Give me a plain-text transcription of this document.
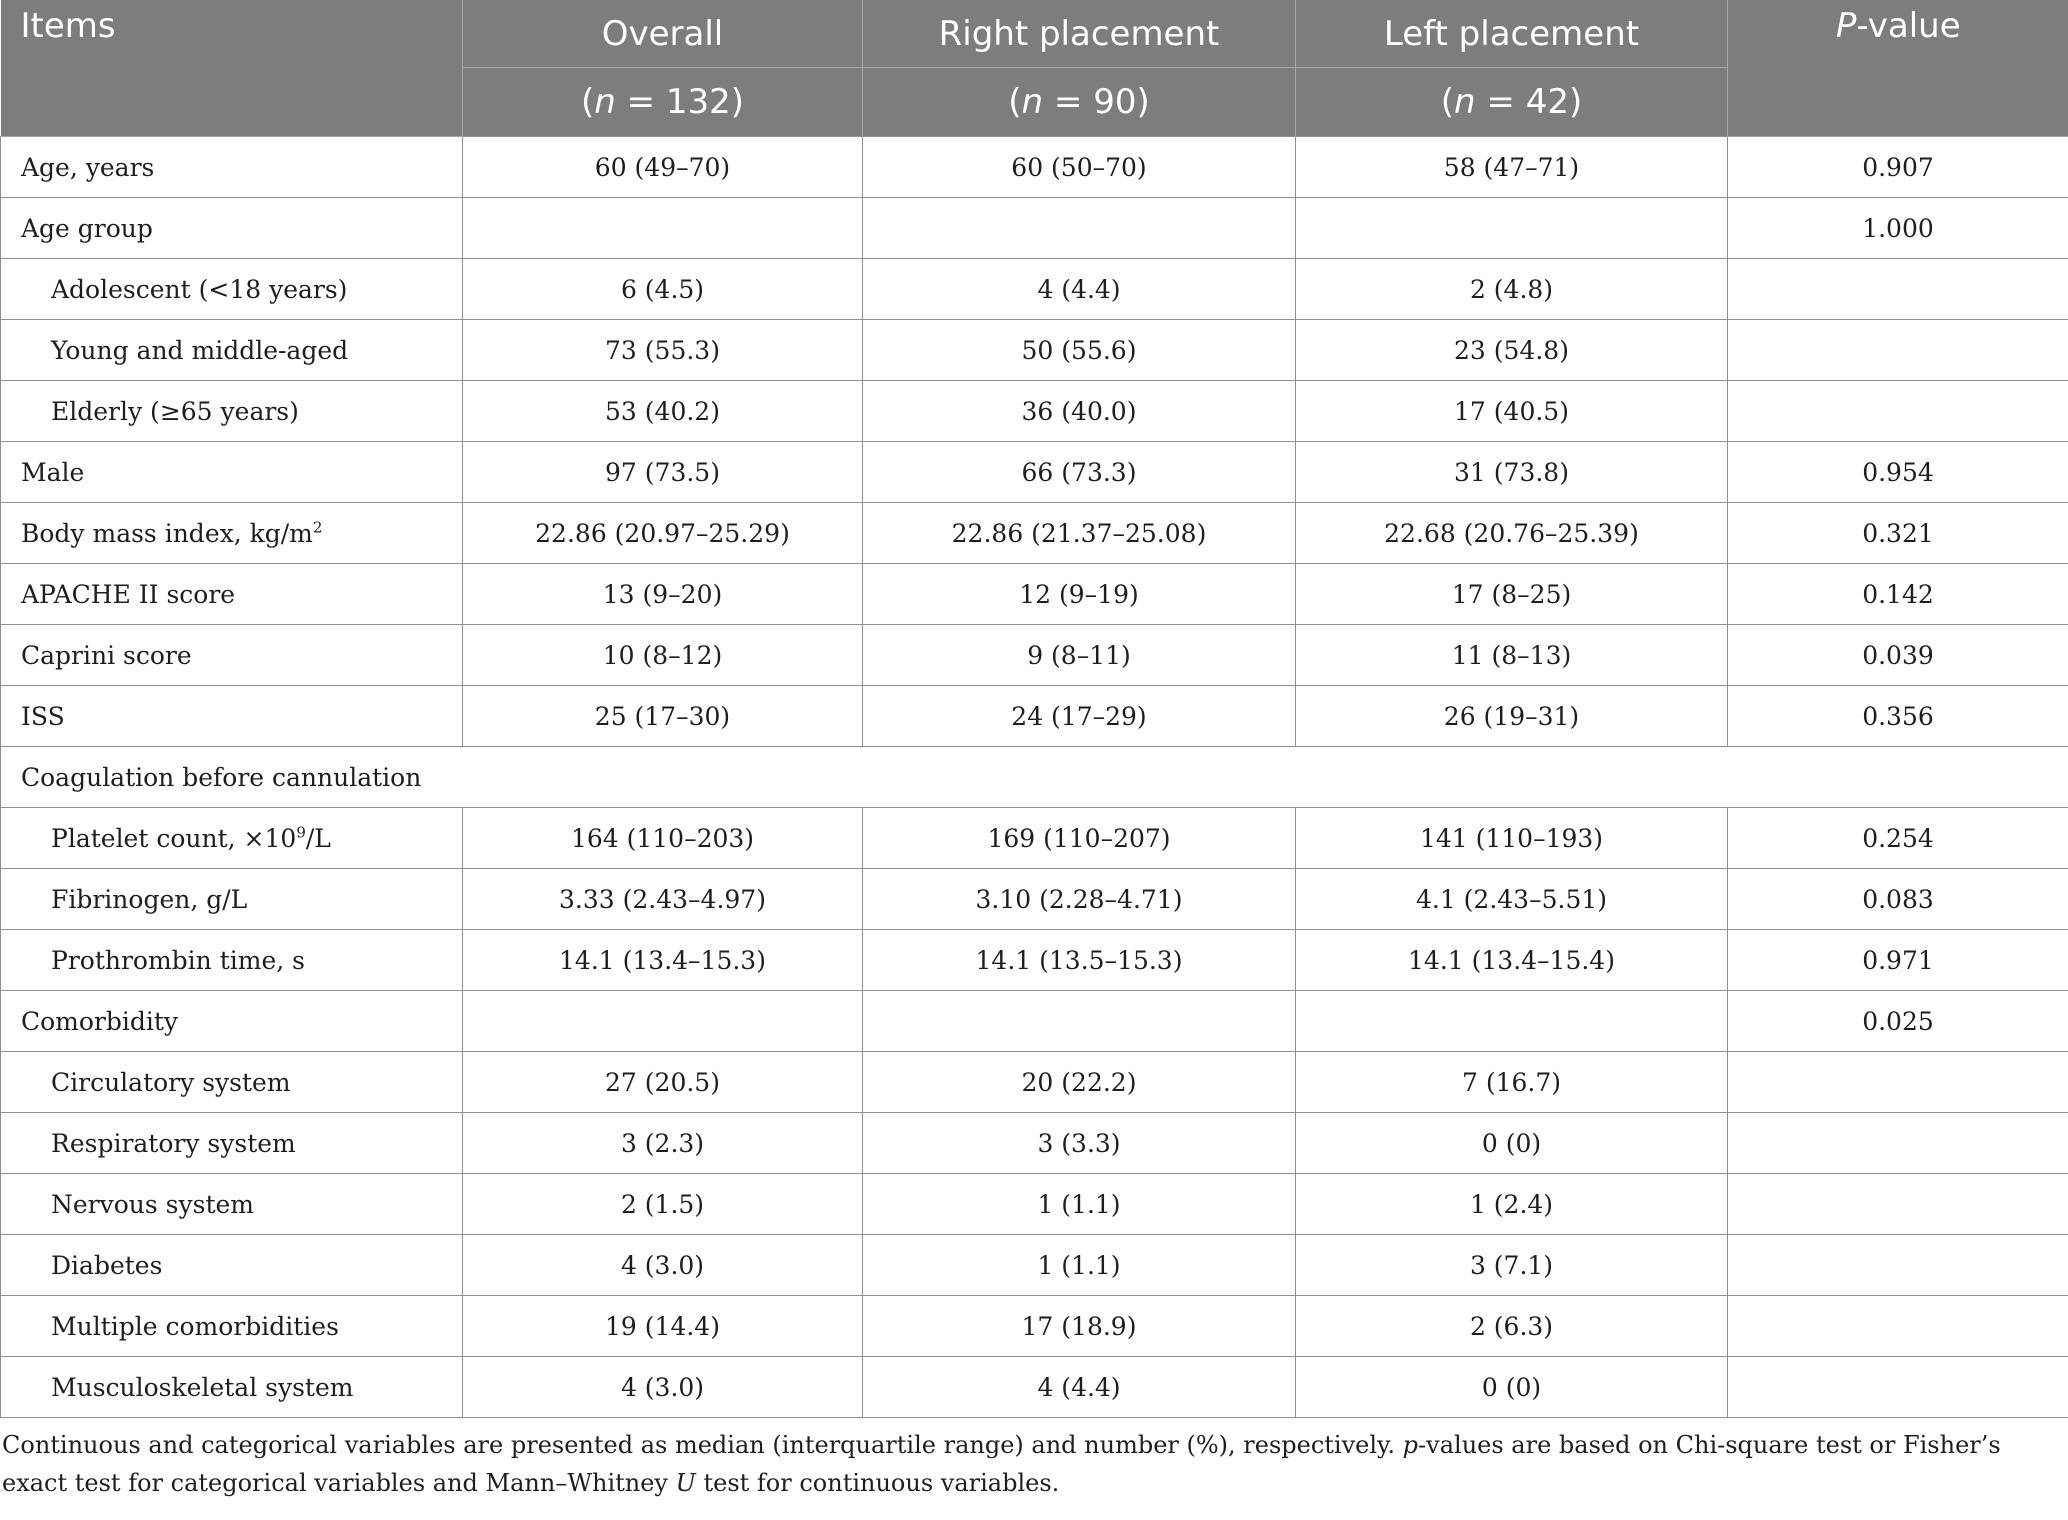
Items	Overall	Right placement	Left placement	P-value

	(n = 132)	(n = 90)	(n = 42)	
Age, years	60 (49–70)	60 (50–70)	58 (47–71)	0.907
Age group				1.000
Adolescent (<18 years)	6 (4.5)	4 (4.4)	2 (4.8)	
Young and middle-aged	73 (55.3)	50 (55.6)	23 (54.8)	
Elderly (≥65 years)	53 (40.2)	36 (40.0)	17 (40.5)	
Male	97 (73.5)	66 (73.3)	31 (73.8)	0.954
Body mass index, $kg/m^2$	22.86 (20.97–25.29)	22.86 (21.37–25.08)	22.68 (20.76–25.39)	0.321
APACHE II score	13 (9–20)	12 (9–19)	17 (8–25)	0.142
Caprini score	10 (8–12)	9 (8–11)	11 (8–13)	0.039
ISS	25 (17–30)	24 (17–29)	26 (19–31)	0.356
Coagulation before cannulation				
Platelet count, $\times 10^9/L$	164 (110–203)	169 (110–207)	141 (110–193)	0.254
Fibrinogen, g/L	3.33 (2.43–4.97)	3.10 (2.28–4.71)	4.1 (2.43–5.51)	0.083
Prothrombin time, s	14.1 (13.4–15.3)	14.1 (13.5–15.3)	14.1 (13.4–15.4)	0.971
Comorbidity				0.025
Circulatory system	27 (20.5)	20 (22.2)	7 (16.7)	
Respiratory system	3 (2.3)	3 (3.3)	0 (0)	
Nervous system	2 (1.5)	1 (1.1)	1 (2.4)	
Diabetes	4 (3.0)	1 (1.1)	3 (7.1)	
Multiple comorbidities	19 (14.4)	17 (18.9)	2 (6.3)	
Musculoskeletal system	4 (3.0)	4 (4.4)	0 (0)	

Continuous and categorical variables are presented as median (interquartile range) and number (%), respectively. p-values are based on Chi-square test or Fisher’s exact test for categorical variables and Mann–Whitney U test for continuous variables.
